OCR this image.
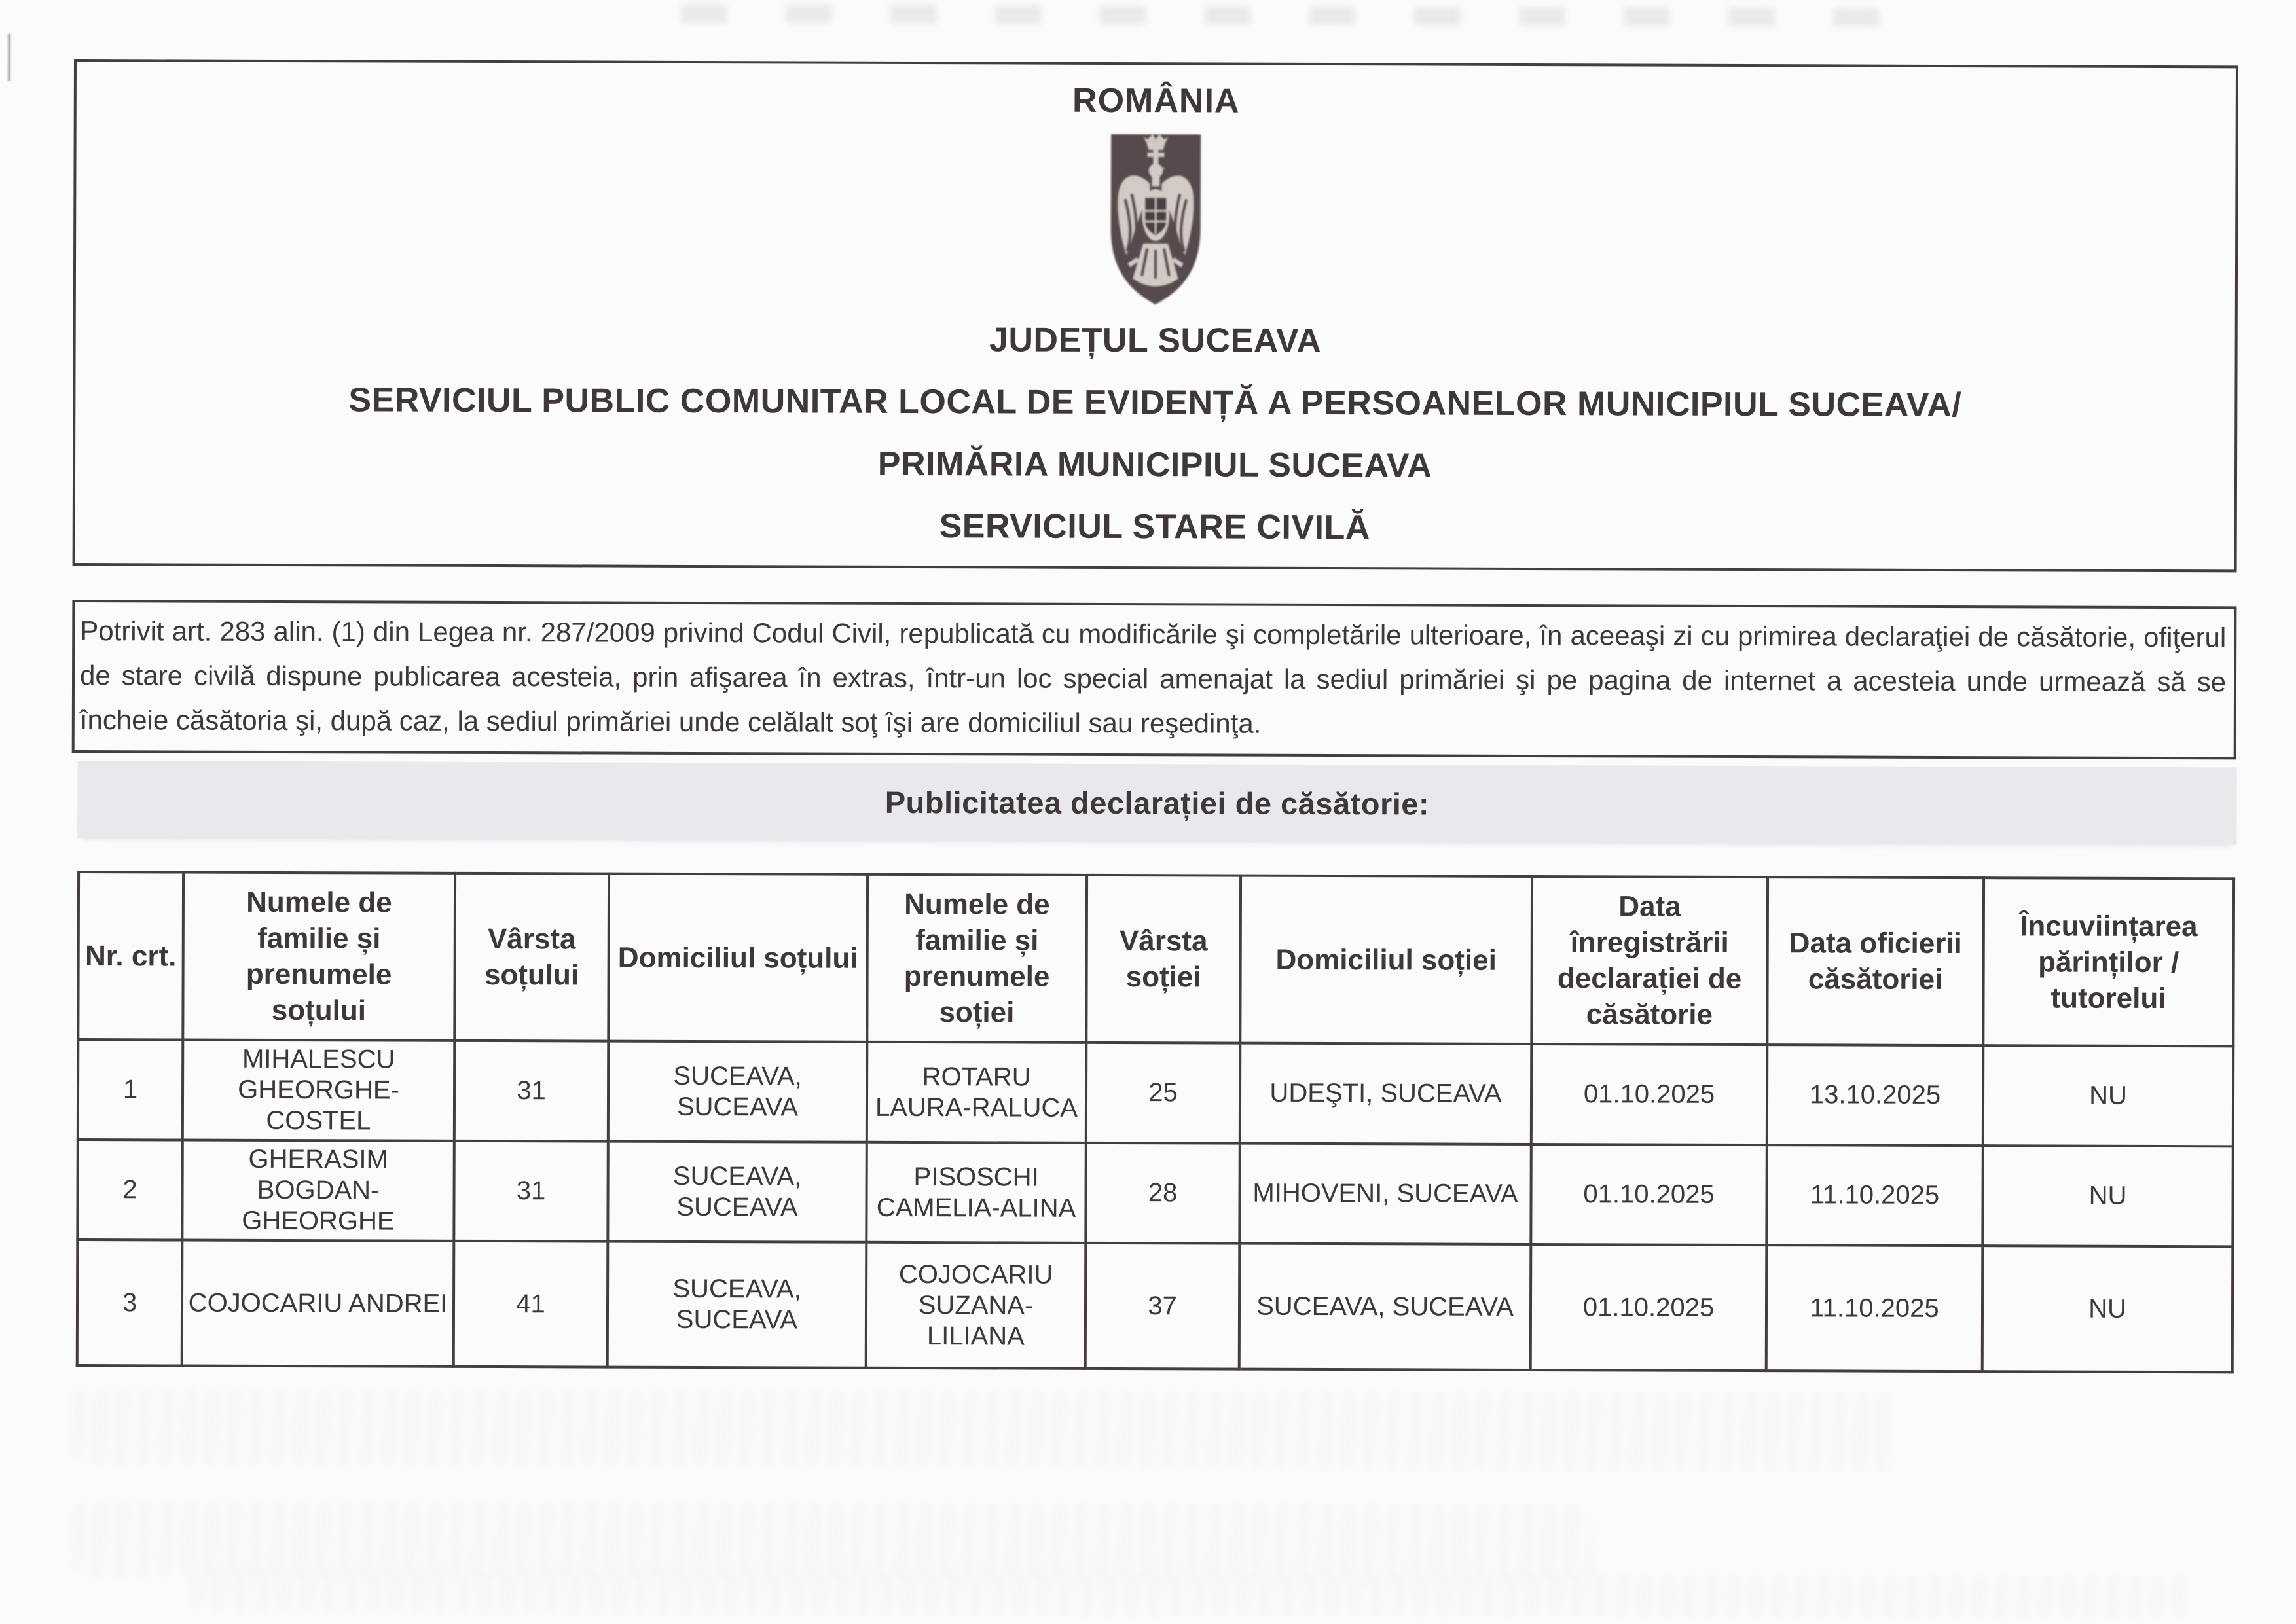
ROMÂNIA
JUDEȚUL SUCEAVA
SERVICIUL PUBLIC COMUNITAR LOCAL DE EVIDENȚĂ A PERSOANELOR MUNICIPIUL SUCEAVA/
PRIMĂRIA MUNICIPIUL SUCEAVA
SERVICIUL STARE CIVILĂ

Potrivit art. 283 alin. (1) din Legea nr. 287/2009 privind Codul Civil, republicată cu modificările şi completările ulterioare, în aceeaşi zi cu primirea declaraţiei de căsătorie, ofiţerul de stare civilă dispune publicarea acesteia, prin afişarea în extras, într-un loc special amenajat la sediul primăriei şi pe pagina de internet a acesteia unde urmează să se încheie căsătoria şi, după caz, la sediul primăriei unde celălalt soţ îşi are domiciliul sau reşedinţa.

Publicitatea declarației de căsătorie:
Nr. crt.	Numele de
familie și
prenumele
soțului	Vârsta
soțului	Domiciliul soțului	Numele de
familie și
prenumele
soției	Vârsta
soției	Domiciliul soției	Data
înregistrării
declarației de
căsătorie	Data oficierii
căsătoriei	Încuviințarea
părinților /
tutorelui
1	MIHALESCU
GHEORGHE-
COSTEL	31	SUCEAVA,
SUCEAVA	ROTARU
LAURA-RALUCA	25	UDEŞTI, SUCEAVA	01.10.2025	13.10.2025	NU
2	GHERASIM
BOGDAN-
GHEORGHE	31	SUCEAVA,
SUCEAVA	PISOSCHI
CAMELIA-ALINA	28	MIHOVENI, SUCEAVA	01.10.2025	11.10.2025	NU
3	COJOCARIU ANDREI	41	SUCEAVA,
SUCEAVA	COJOCARIU
SUZANA-
LILIANA	37	SUCEAVA, SUCEAVA	01.10.2025	11.10.2025	NU
